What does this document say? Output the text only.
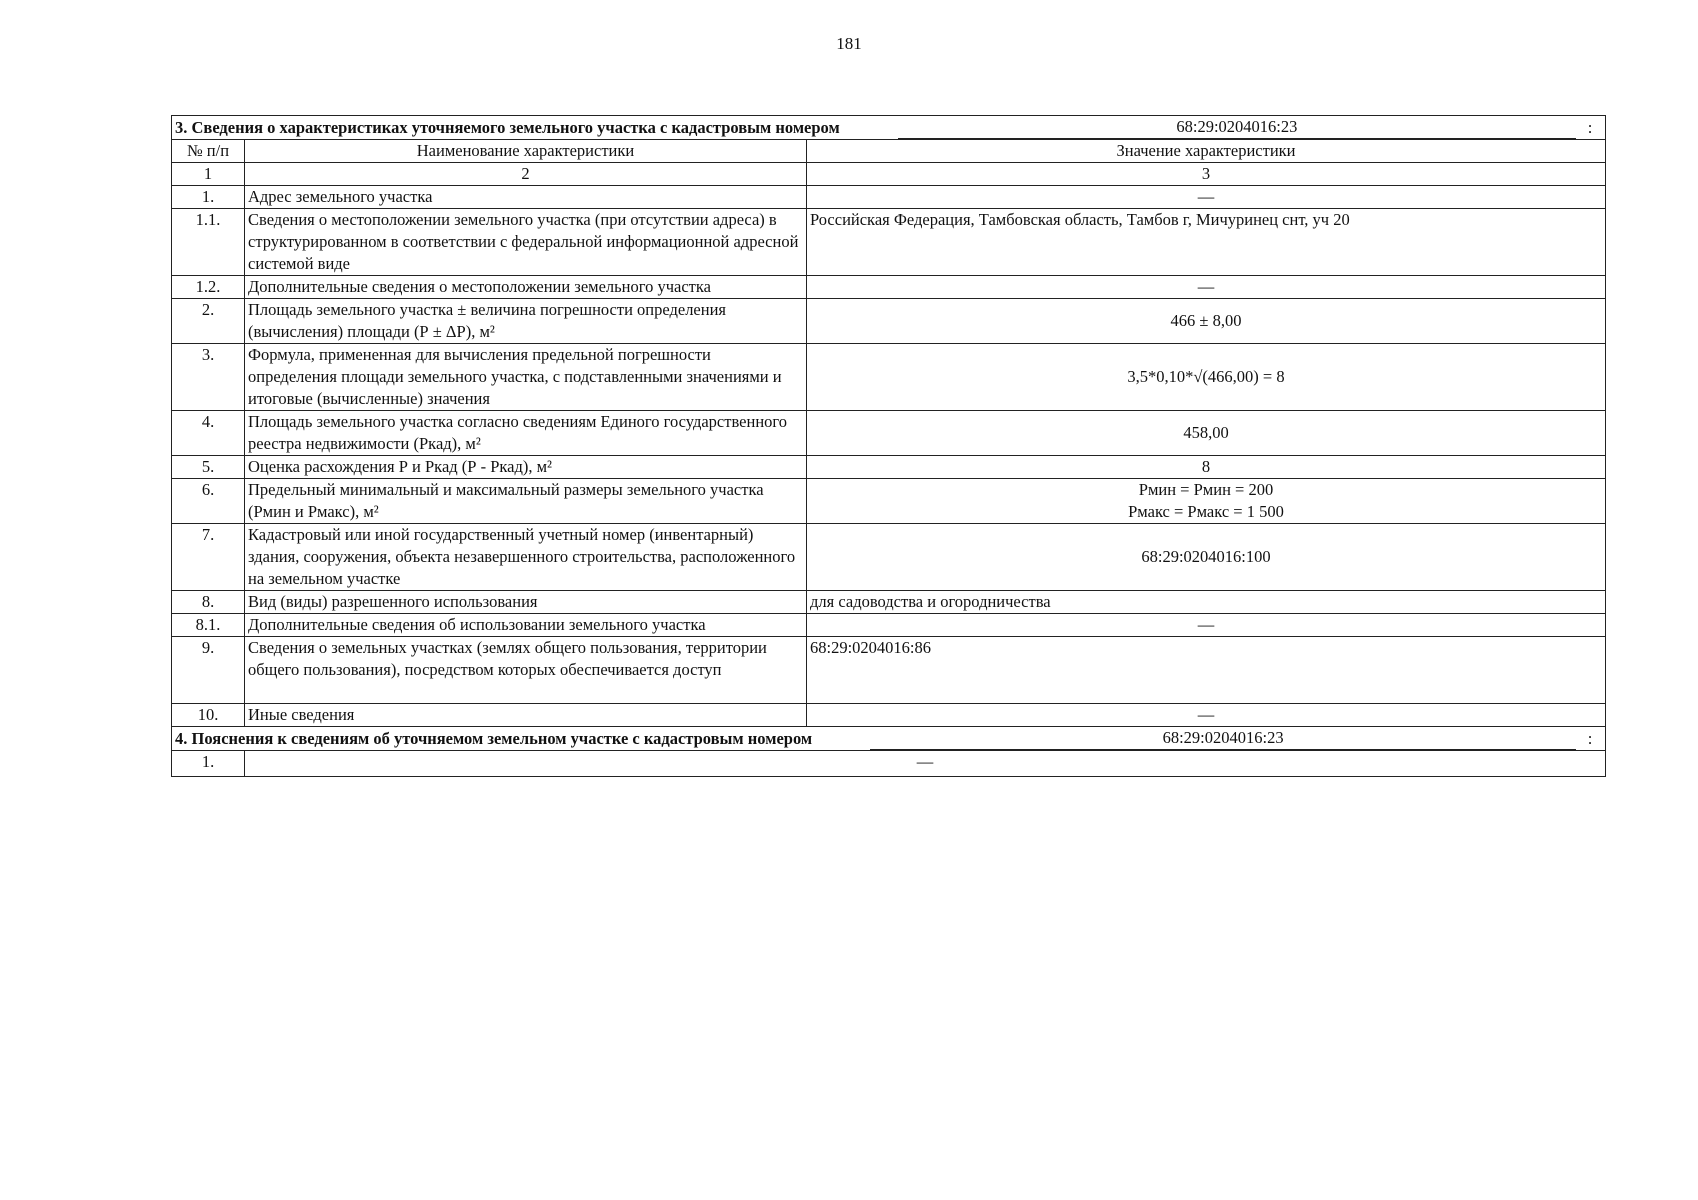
181
3. Сведения о характеристиках уточняемого земельного участка с кадастровым номером 68:29:0204016:23 :		

№ п/п	Наименование характеристики	Значение характеристики
1	2	3
1.	Адрес земельного участка	—
1.1.	Сведения о местоположении земельного участка (при отсутствии адреса) в структурированном в соответствии с федеральной информационной адресной системой виде	Российская Федерация, Тамбовская область, Тамбов г, Мичуринец снт, уч 20
1.2.	Дополнительные сведения о местоположении земельного участка	—
2.	Площадь земельного участка ± величина погрешности определения (вычисления) площади (Р ± ΔР), м²	466 ± 8,00
3.	Формула, примененная для вычисления предельной погрешности определения площади земельного участка, с подставленными значениями и итоговые (вычисленные) значения	3,5*0,10*√(466,00) = 8
4.	Площадь земельного участка согласно сведениям Единого государственного реестра недвижимости (Ркад), м²	458,00
5.	Оценка расхождения Р и Ркад (Р - Ркад), м²	8
6.	Предельный минимальный и максимальный размеры земельного участка (Рмин и Рмакс), м²	Рмин = Рмин = 200
Рмакс = Рмакс = 1 500

7.	Кадастровый или иной государственный учетный номер (инвентарный) здания, сооружения, объекта незавершенного строительства, расположенного на земельном участке	68:29:0204016:100
8.	Вид (виды) разрешенного использования	для садоводства и огородничества
8.1.	Дополнительные сведения об использовании земельного участка	—
9.	Сведения о земельных участках (землях общего пользования, территории общего пользования), посредством которых обеспечивается доступ	68:29:0204016:86
10.	Иные сведения	—

4. Пояснения к сведениям об уточняемом земельном участке с кадастровым номером 68:29:0204016:23 :		

1.	—	
